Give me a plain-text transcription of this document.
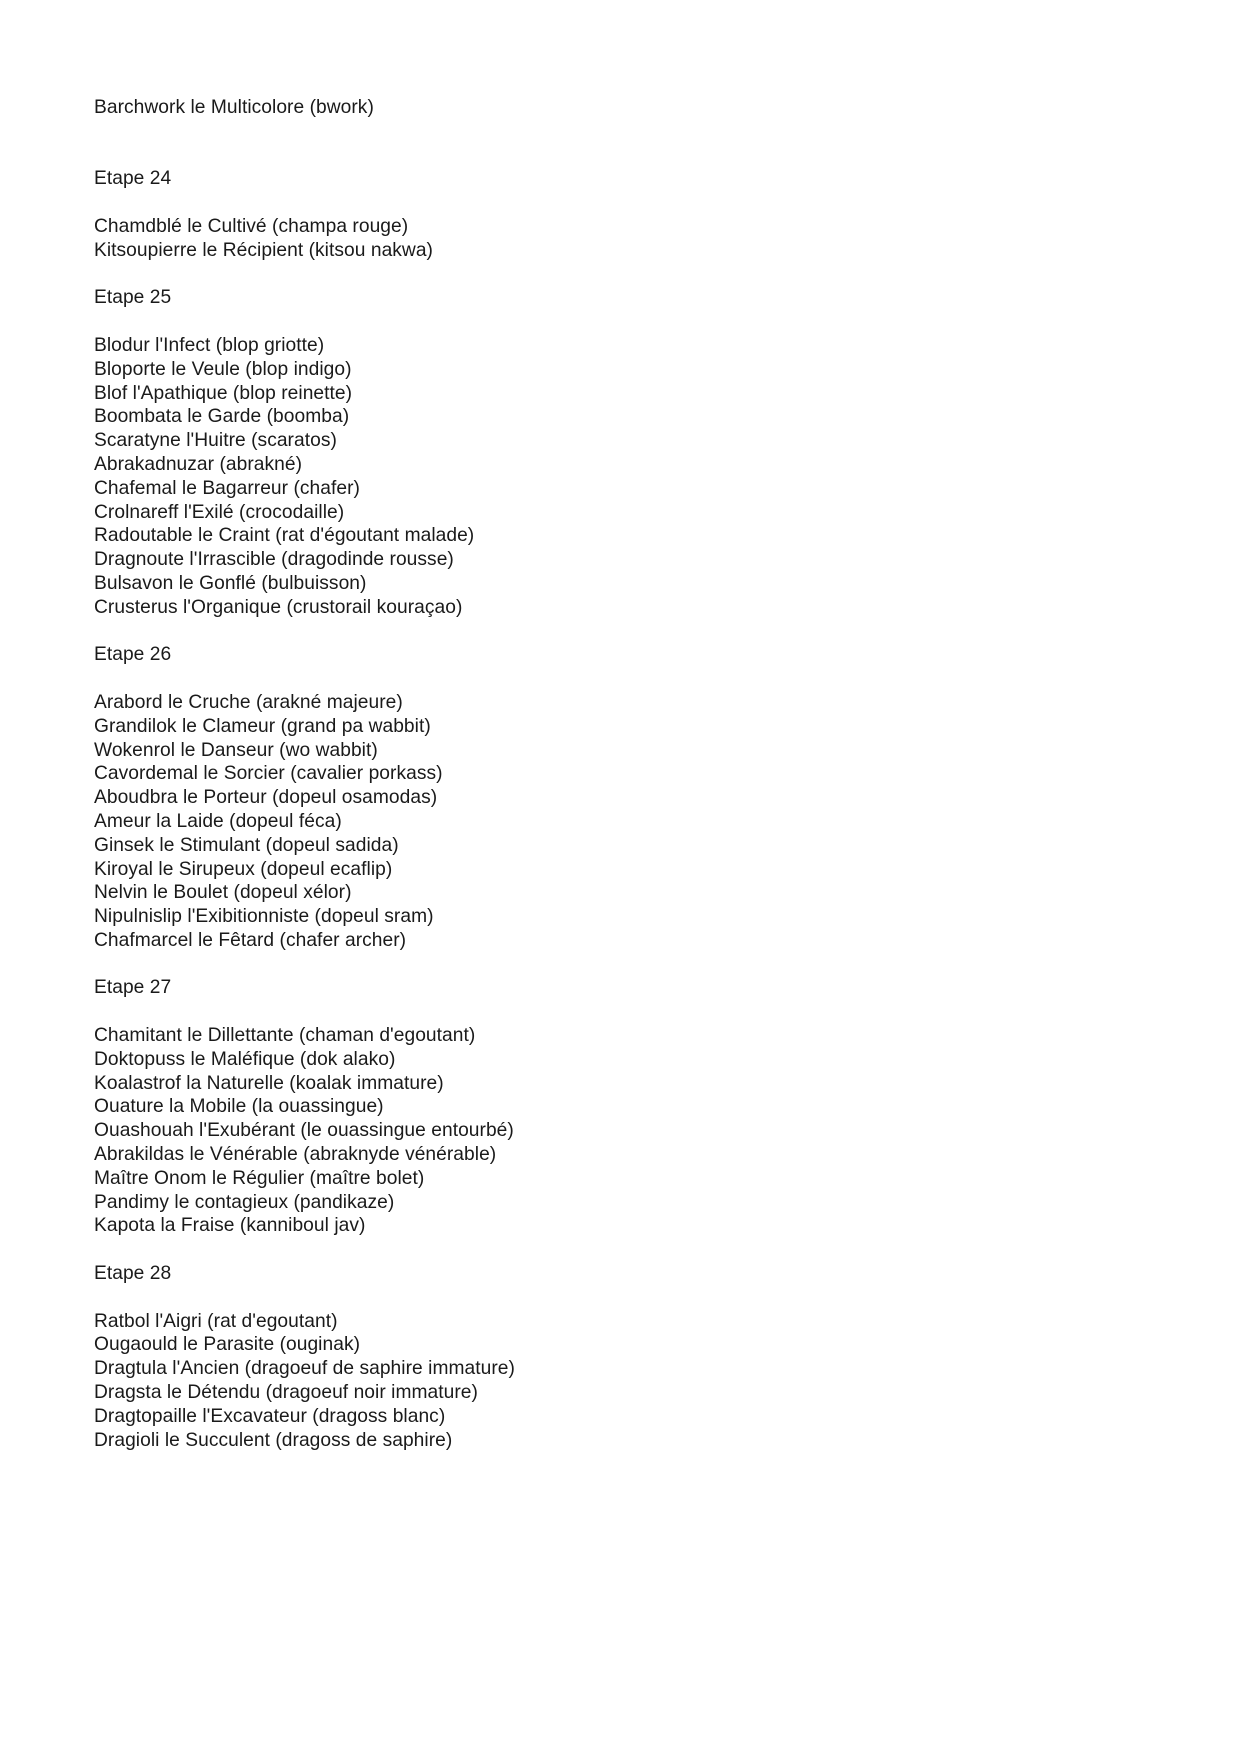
Barchwork le Multicolore (bwork)
Etape 24
Chamdblé le Cultivé (champa rouge)
Kitsoupierre le Récipient (kitsou nakwa)
Etape 25
Blodur l'Infect (blop griotte)
Bloporte le Veule (blop indigo)
Blof l'Apathique (blop reinette)
Boombata le Garde (boomba)
Scaratyne l'Huitre (scaratos)
Abrakadnuzar (abrakné)
Chafemal le Bagarreur (chafer)
Crolnareff l'Exilé (crocodaille)
Radoutable le Craint (rat d'égoutant malade)
Dragnoute l'Irrascible (dragodinde rousse)
Bulsavon le Gonflé (bulbuisson)
Crusterus l'Organique (crustorail kouraçao)
Etape 26
Arabord le Cruche (arakné majeure)
Grandilok le Clameur (grand pa wabbit)
Wokenrol le Danseur (wo wabbit)
Cavordemal le Sorcier (cavalier porkass)
Aboudbra le Porteur (dopeul osamodas)
Ameur la Laide (dopeul féca)
Ginsek le Stimulant (dopeul sadida)
Kiroyal le Sirupeux (dopeul ecaflip)
Nelvin le Boulet (dopeul xélor)
Nipulnislip l'Exibitionniste (dopeul sram)
Chafmarcel le Fêtard (chafer archer)
Etape 27
Chamitant le Dillettante (chaman d'egoutant)
Doktopuss le Maléfique (dok alako)
Koalastrof la Naturelle (koalak immature)
Ouature la Mobile (la ouassingue)
Ouashouah l'Exubérant (le ouassingue entourbé)
Abrakildas le Vénérable (abraknyde vénérable)
Maître Onom le Régulier (maître bolet)
Pandimy le contagieux (pandikaze)
Kapota la Fraise (kanniboul jav)
Etape 28
Ratbol l'Aigri (rat d'egoutant)
Ougaould le Parasite (ouginak)
Dragtula l'Ancien (dragoeuf de saphire immature)
Dragsta le Détendu (dragoeuf noir immature)
Dragtopaille l'Excavateur (dragoss blanc)
Dragioli le Succulent (dragoss de saphire)
